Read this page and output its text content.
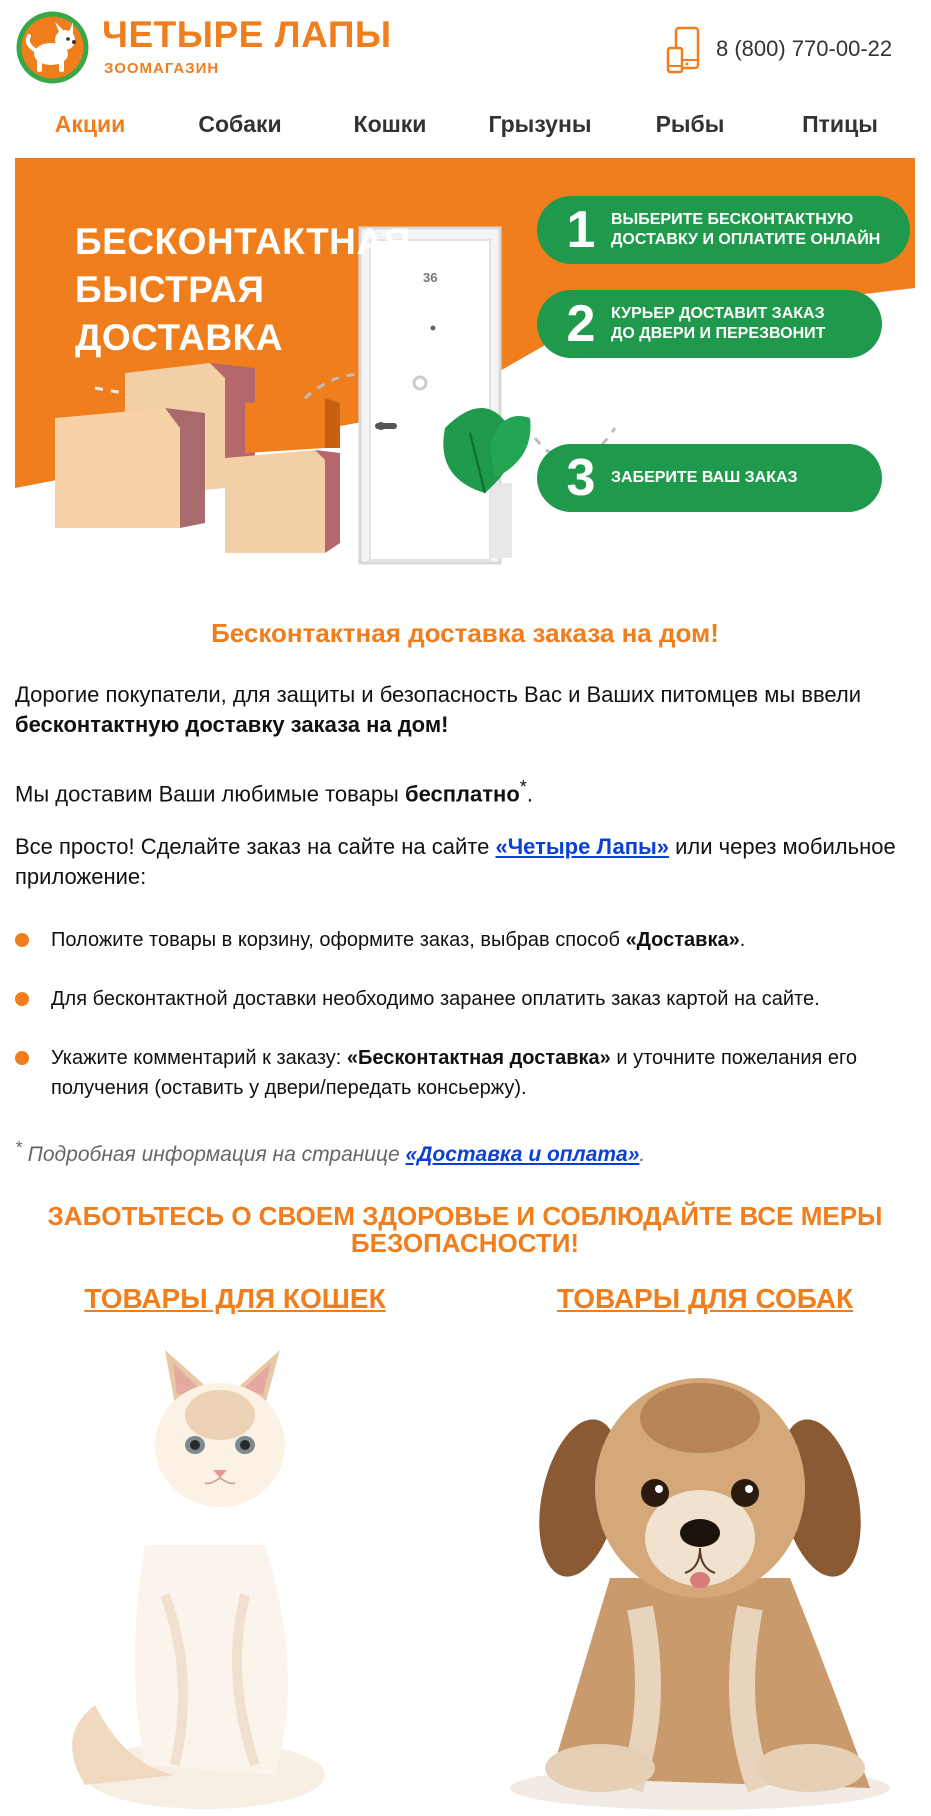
ЧЕТЫРЕ ЛАПЫ
ЗООМАГАЗИН
8 (800) 770-00-22
Акции	Собаки	Кошки	Грызуны	Рыбы	Птицы
БЕСКОНТАКТНАЯ
БЫСТРАЯ
ДОСТАВКА
36
1 ВЫБЕРИТЕ БЕСКОНТАКТНУЮ
ДОСТАВКУ И ОПЛАТИТЕ ОНЛАЙН
2 КУРЬЕР ДОСТАВИТ ЗАКАЗ
ДО ДВЕРИ И ПЕРЕЗВОНИТ
3 ЗАБЕРИТЕ ВАШ ЗАКАЗ
Бесконтактная доставка заказа на дом!
Дорогие покупатели, для защиты и безопасность Вас и Ваших питомцев мы ввели бесконтактную доставку заказа на дом!
Мы доставим Ваши любимые товары бесплатно*.
Все просто! Сделайте заказ на сайте на сайте «Четыре Лапы» или через мобильное приложение:
Положите товары в корзину, оформите заказ, выбрав способ «Доставка».
Для бесконтактной доставки необходимо заранее оплатить заказ картой на сайте.
Укажите комментарий к заказу: «Бесконтактная доставка» и уточните пожелания его получения (оставить у двери/передать консьержу).
* Подробная информация на странице «Доставка и оплата».
ЗАБОТЬТЕСЬ О СВОЕМ ЗДОРОВЬЕ И СОБЛЮДАЙТЕ ВСЕ МЕРЫ БЕЗОПАСНОСТИ!
ТОВАРЫ ДЛЯ КОШЕК	ТОВАРЫ ДЛЯ СОБАК
